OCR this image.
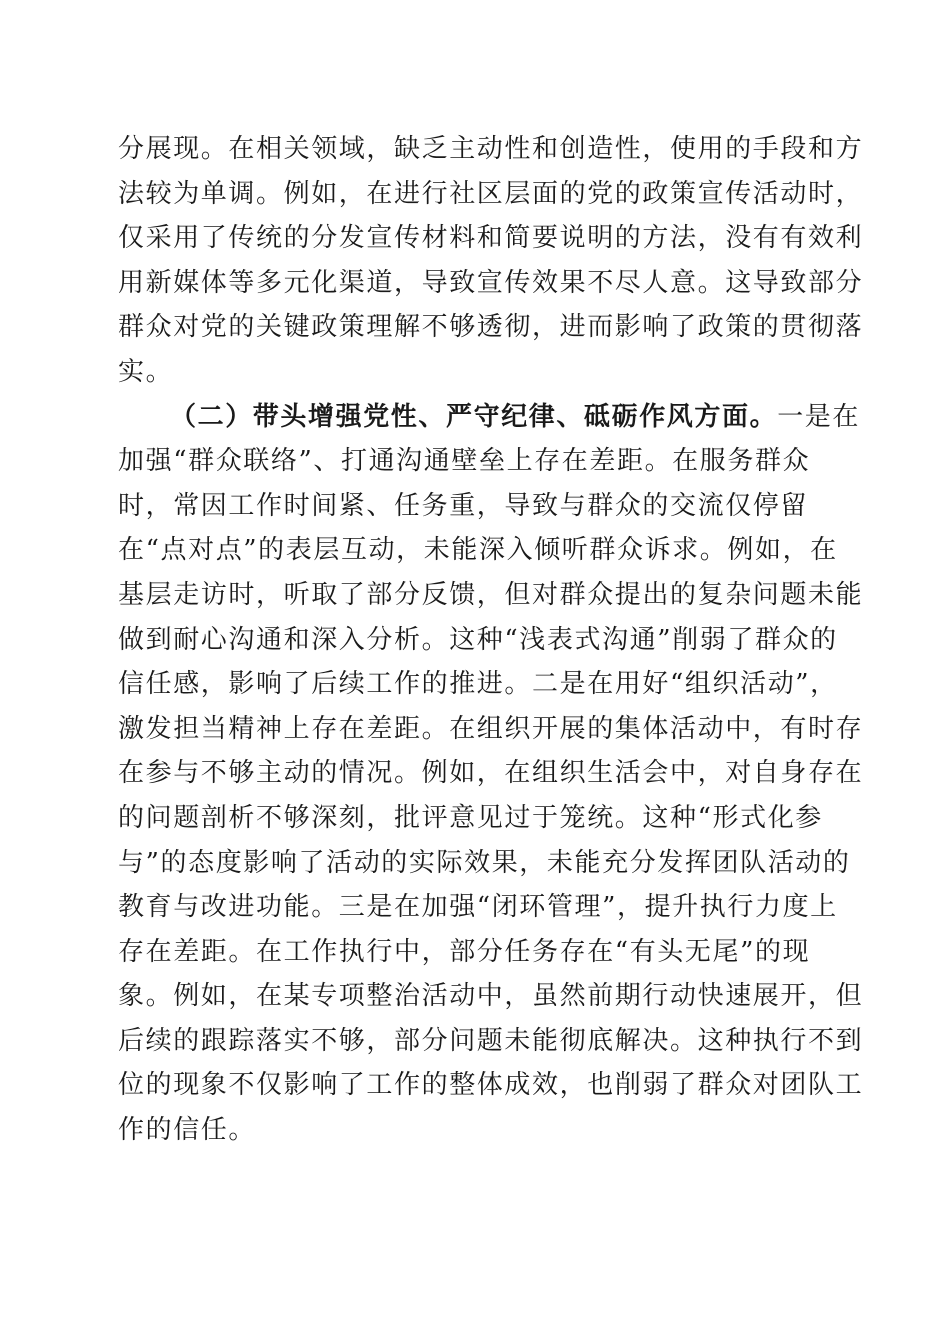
分展现。在相关领域，缺乏主动性和创造性，使用的手段和方
法较为单调。例如，在进行社区层面的党的政策宣传活动时，
仅采用了传统的分发宣传材料和简要说明的方法，没有有效利
用新媒体等多元化渠道，导致宣传效果不尽人意。这导致部分
群众对党的关键政策理解不够透彻，进而影响了政策的贯彻落
实。
（二）带头增强党性、严守纪律、砥砺作风方面。一是在
加强“群众联络”、打通沟通壁垒上存在差距。在服务群众
时，常因工作时间紧、任务重，导致与群众的交流仅停留
在“点对点”的表层互动，未能深入倾听群众诉求。例如，在
基层走访时，听取了部分反馈，但对群众提出的复杂问题未能
做到耐心沟通和深入分析。这种“浅表式沟通”削弱了群众的
信任感，影响了后续工作的推进。二是在用好“组织活动”，
激发担当精神上存在差距。在组织开展的集体活动中，有时存
在参与不够主动的情况。例如，在组织生活会中，对自身存在
的问题剖析不够深刻，批评意见过于笼统。这种“形式化参
与”的态度影响了活动的实际效果，未能充分发挥团队活动的
教育与改进功能。三是在加强“闭环管理”，提升执行力度上
存在差距。在工作执行中，部分任务存在“有头无尾”的现
象。例如，在某专项整治活动中，虽然前期行动快速展开，但
后续的跟踪落实不够，部分问题未能彻底解决。这种执行不到
位的现象不仅影响了工作的整体成效，也削弱了群众对团队工
作的信任。
